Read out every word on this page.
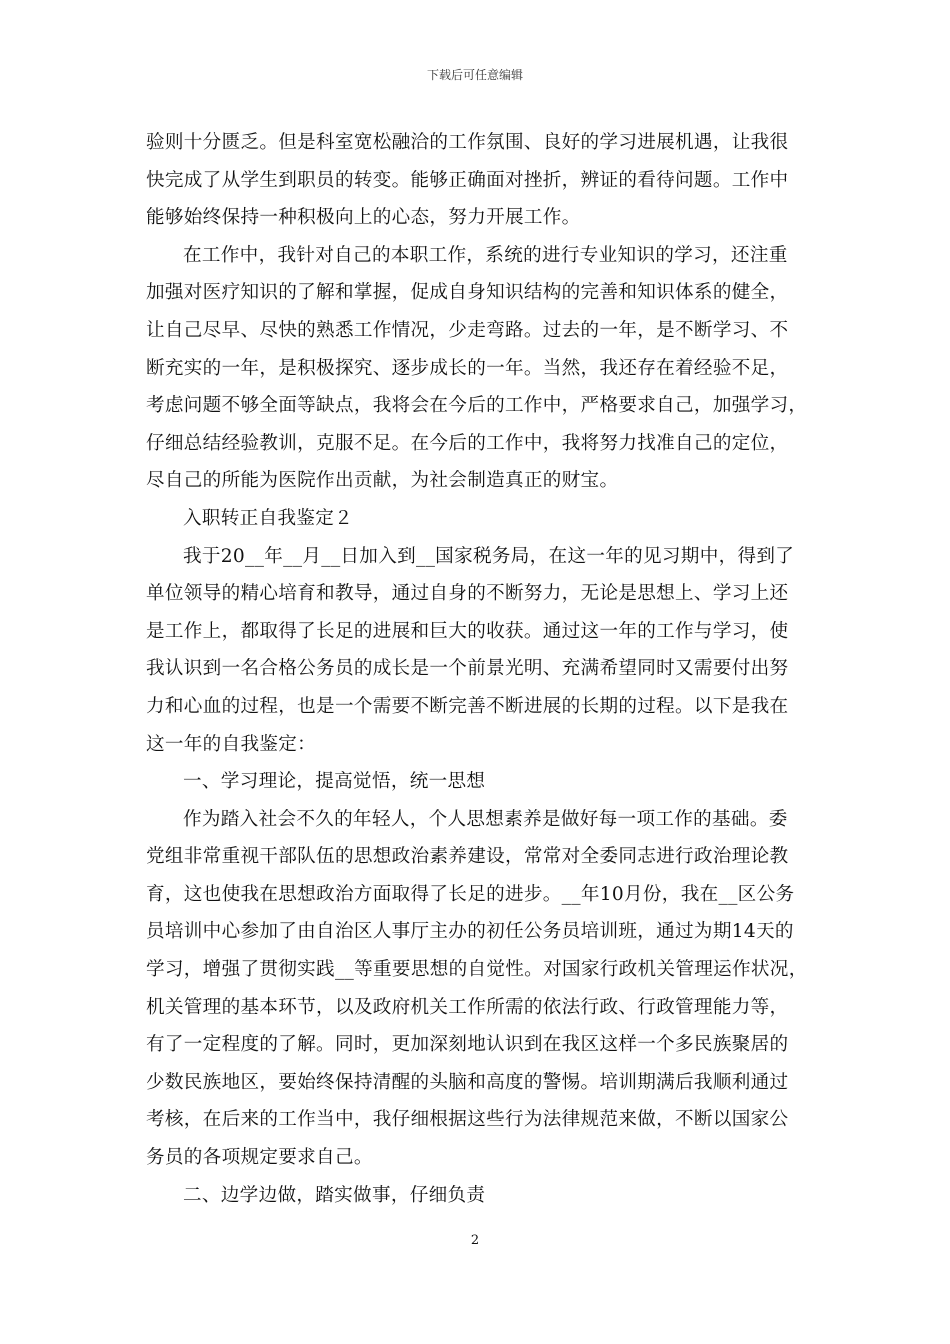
下载后可任意编辑
验则十分匮乏。但是科室宽松融洽的工作氛围、良好的学习进展机遇，让我很
快完成了从学生到职员的转变。能够正确面对挫折，辨证的看待问题。工作中
能够始终保持一种积极向上的心态，努力开展工作。
在工作中，我针对自己的本职工作，系统的进行专业知识的学习，还注重
加强对医疗知识的了解和掌握，促成自身知识结构的完善和知识体系的健全，
让自己尽早、尽快的熟悉工作情况，少走弯路。过去的一年，是不断学习、不
断充实的一年，是积极探究、逐步成长的一年。当然，我还存在着经验不足，
考虑问题不够全面等缺点，我将会在今后的工作中，严格要求自己，加强学习，
仔细总结经验教训，克服不足。在今后的工作中，我将努力找准自己的定位，
尽自己的所能为医院作出贡献，为社会制造真正的财宝。
入职转正自我鉴定２
我于20__年__月__日加入到__国家税务局，在这一年的见习期中，得到了
单位领导的精心培育和教导，通过自身的不断努力，无论是思想上、学习上还
是工作上，都取得了长足的进展和巨大的收获。通过这一年的工作与学习，使
我认识到一名合格公务员的成长是一个前景光明、充满希望同时又需要付出努
力和心血的过程，也是一个需要不断完善不断进展的长期的过程。以下是我在
这一年的自我鉴定：
一、学习理论，提高觉悟，统一思想
作为踏入社会不久的年轻人，个人思想素养是做好每一项工作的基础。委
党组非常重视干部队伍的思想政治素养建设，常常对全委同志进行政治理论教
育，这也使我在思想政治方面取得了长足的进步。__年10月份，我在__区公务
员培训中心参加了由自治区人事厅主办的初任公务员培训班，通过为期14天的
学习，增强了贯彻实践__等重要思想的自觉性。对国家行政机关管理运作状况，
机关管理的基本环节，以及政府机关工作所需的依法行政、行政管理能力等，
有了一定程度的了解。同时，更加深刻地认识到在我区这样一个多民族聚居的
少数民族地区，要始终保持清醒的头脑和高度的警惕。培训期满后我顺利通过
考核，在后来的工作当中，我仔细根据这些行为法律规范来做，不断以国家公
务员的各项规定要求自己。
二、边学边做，踏实做事，仔细负责
2
